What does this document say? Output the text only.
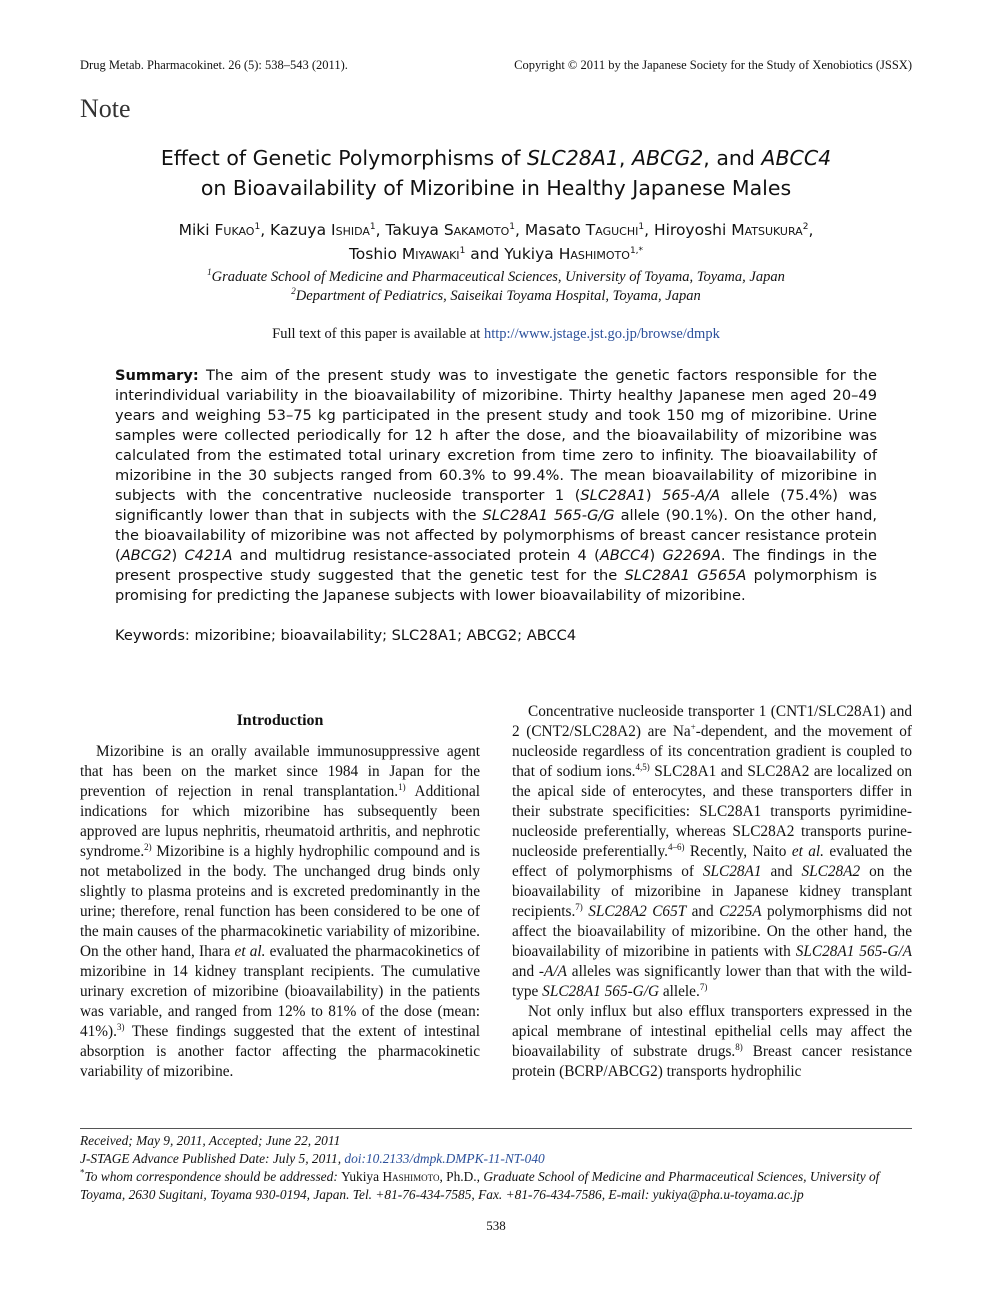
Drug Metab. Pharmacokinet. 26 (5): 538–543 (2011).	Copyright © 2011 by the Japanese Society for the Study of Xenobiotics (JSSX)
Note
Effect of Genetic Polymorphisms of SLC28A1, ABCG2, and ABCC4
on Bioavailability of Mizoribine in Healthy Japanese Males
Miki Fukao$^1$, Kazuya Ishida$^1$, Takuya Sakamoto$^1$, Masato Taguchi$^1$, Hiroyoshi Matsukura$^2$,
Toshio Miyawaki$^1$ and Yukiya Hashimoto$^{1,*}$
$^1$Graduate School of Medicine and Pharmaceutical Sciences, University of Toyama, Toyama, Japan
$^2$Department of Pediatrics, Saiseikai Toyama Hospital, Toyama, Japan
Full text of this paper is available at http://www.jstage.jst.go.jp/browse/dmpk
Summary: The aim of the present study was to investigate the genetic factors responsible for the interindividual variability in the bioavailability of mizoribine. Thirty healthy Japanese men aged 20–49 years and weighing 53–75 kg participated in the present study and took 150 mg of mizoribine. Urine samples were collected periodically for 12 h after the dose, and the bioavailability of mizoribine was calculated from the estimated total urinary excretion from time zero to infinity. The bioavailability of mizoribine in the 30 subjects ranged from 60.3% to 99.4%. The mean bioavailability of mizoribine in subjects with the concentrative nucleoside transporter 1 (SLC28A1) 565-A/A allele (75.4%) was significantly lower than that in subjects with the SLC28A1 565-G/G allele (90.1%). On the other hand, the bioavailability of mizoribine was not affected by polymorphisms of breast cancer resistance protein (ABCG2) C421A and multidrug resistance-associated protein 4 (ABCC4) G2269A. The findings in the present prospective study suggested that the genetic test for the SLC28A1 G565A polymorphism is promising for predicting the Japanese subjects with lower bioavailability of mizoribine.
Keywords: mizoribine; bioavailability; SLC28A1; ABCG2; ABCC4
Introduction

Mizoribine is an orally available immunosuppressive agent that has been on the market since 1984 in Japan for the prevention of rejection in renal transplantation.$^{1)}$ Additional indications for which mizoribine has subsequently been approved are lupus nephritis, rheumatoid arthritis, and nephrotic syndrome.$^{2)}$ Mizoribine is a highly hydrophilic compound and is not metabolized in the body. The unchanged drug binds only slightly to plasma proteins and is excreted predominantly in the urine; therefore, renal function has been considered to be one of the main causes of the pharmacokinetic variability of mizoribine. On the other hand, Ihara et al. evaluated the pharmacokinetics of mizoribine in 14 kidney transplant recipients. The cumulative urinary excretion of mizoribine (bioavailability) in the patients was variable, and ranged from 12% to 81% of the dose (mean: 41%).$^{3)}$ These findings suggested that the extent of intestinal absorption is another factor affecting the pharmacokinetic variability of mizoribine.

Concentrative nucleoside transporter 1 (CNT1/SLC28A1) and 2 (CNT2/SLC28A2) are Na+-dependent, and the movement of nucleoside regardless of its concentration gradient is coupled to that of sodium ions.$^{4,5)}$ SLC28A1 and SLC28A2 are localized on the apical side of enterocytes, and these transporters differ in their substrate specificities: SLC28A1 transports pyrimidine-nucleoside preferentially, whereas SLC28A2 transports purine-nucleoside preferentially.$^{4-6)}$ Recently, Naito et al. evaluated the effect of polymorphisms of SLC28A1 and SLC28A2 on the bioavailability of mizoribine in Japanese kidney transplant recipients.$^{7)}$ SLC28A2 C65T and C225A polymorphisms did not affect the bioavailability of mizoribine. On the other hand, the bioavailability of mizoribine in patients with SLC28A1 565-G/A and -A/A alleles was significantly lower than that with the wild-type SLC28A1 565-G/G allele.$^{7)}$

Not only influx but also efflux transporters expressed in the apical membrane of intestinal epithelial cells may affect the bioavailability of substrate drugs.$^{8)}$ Breast cancer resistance protein (BCRP/ABCG2) transports hydrophilic

Received; May 9, 2011, Accepted; June 22, 2011
J-STAGE Advance Published Date: July 5, 2011, doi:10.2133/dmpk.DMPK-11-NT-040
*To whom correspondence should be addressed: Yukiya Hashimoto, Ph.D., Graduate School of Medicine and Pharmaceutical Sciences, University of Toyama, 2630 Sugitani, Toyama 930-0194, Japan. Tel. +81-76-434-7585, Fax. +81-76-434-7586, E-mail: yukiya@pha.u-toyama.ac.jp
538
